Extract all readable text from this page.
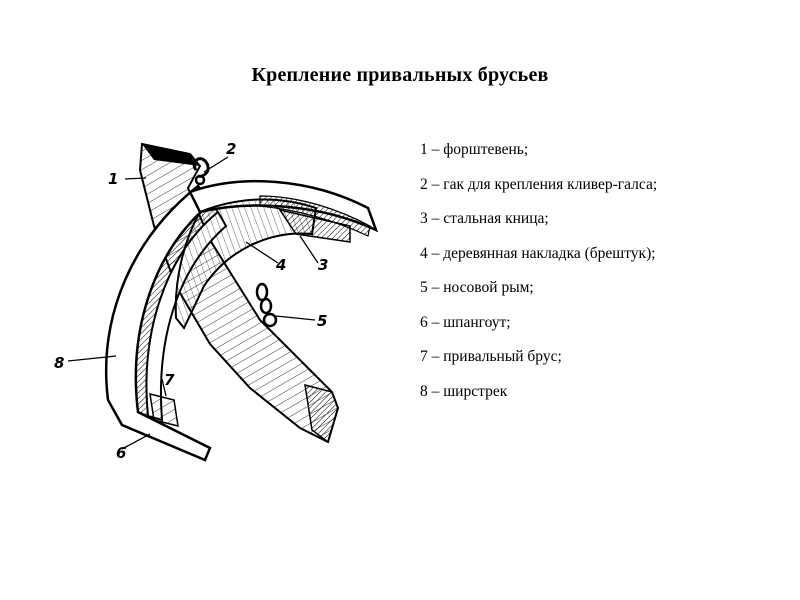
Крепление привальных брусьев
1
2
3
4
5
6
7
8
1 – форштевень;
2 – гак для крепления кливер-галса;
3 – стальная кница;
4 – деревянная накладка (брештук);
5 – носовой рым;
6 – шпангоут;
7 – привальный брус;
8 – ширстрек
